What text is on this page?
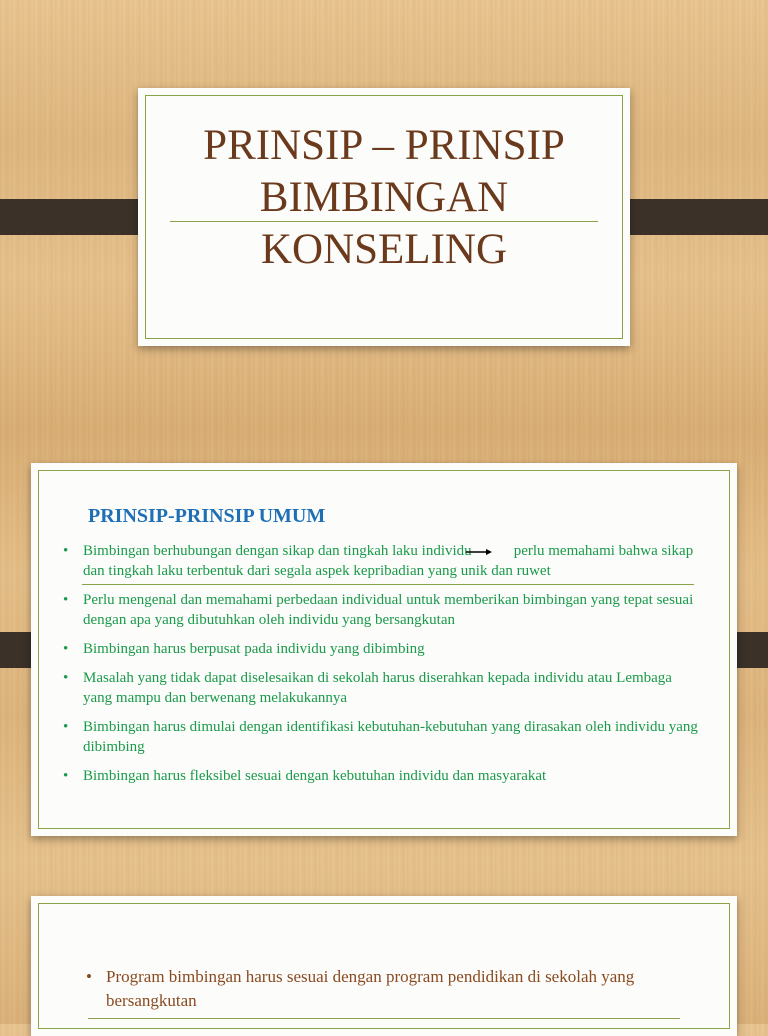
PRINSIP – PRINSIP
BIMBINGAN
KONSELING
PRINSIP-PRINSIP UMUM
• Bimbingan berhubungan dengan sikap dan tingkah laku individu	perlu memahami bahwa sikap dan tingkah laku terbentuk dari segala aspek kepribadian yang unik dan ruwet
• Perlu mengenal dan memahami perbedaan individual untuk memberikan bimbingan yang tepat sesuai dengan apa yang dibutuhkan oleh individu yang bersangkutan
• Bimbingan harus berpusat pada individu yang dibimbing
• Masalah yang tidak dapat diselesaikan di sekolah harus diserahkan kepada individu atau Lembaga yang mampu dan berwenang melakukannya
• Bimbingan harus dimulai dengan identifikasi kebutuhan-kebutuhan yang dirasakan oleh individu yang dibimbing
• Bimbingan harus fleksibel sesuai dengan kebutuhan individu dan masyarakat
• Program bimbingan harus sesuai dengan program pendidikan di sekolah yang bersangkutan
